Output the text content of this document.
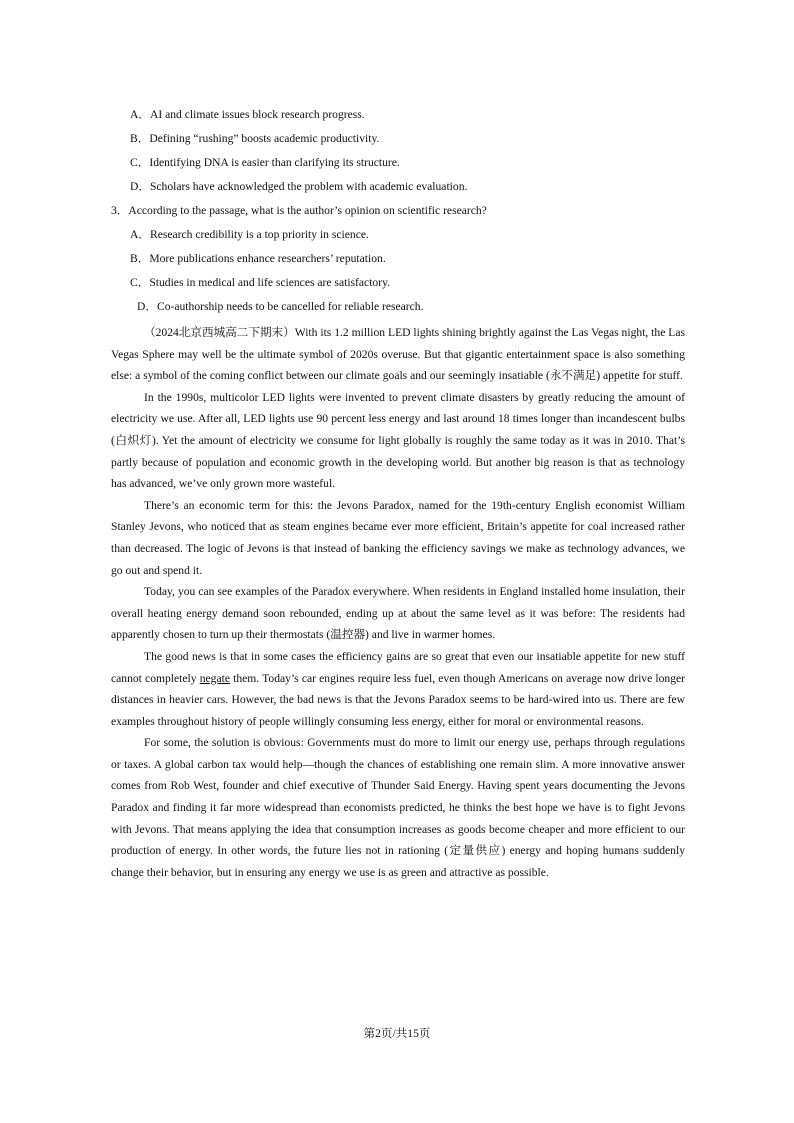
A．AI and climate issues block research progress.
B．Defining “rushing” boosts academic productivity.
C．Identifying DNA is easier than clarifying its structure.
D．Scholars have acknowledged the problem with academic evaluation.
3．According to the passage, what is the author’s opinion on scientific research?
A．Research credibility is a top priority in science.
B．More publications enhance researchers’ reputation.
C．Studies in medical and life sciences are satisfactory.
D．Co-authorship needs to be cancelled for reliable research.

（2024北京西城高二下期末）With its 1.2 million LED lights shining brightly against the Las Vegas night, the Las Vegas Sphere may well be the ultimate symbol of 2020s overuse. But that gigantic entertainment space is also something else: a symbol of the coming conflict between our climate goals and our seemingly insatiable (永不满足) appetite for stuff.

In the 1990s, multicolor LED lights were invented to prevent climate disasters by greatly reducing the amount of electricity we use. After all, LED lights use 90 percent less energy and last around 18 times longer than incandescent bulbs (白炽灯). Yet the amount of electricity we consume for light globally is roughly the same today as it was in 2010. That’s partly because of population and economic growth in the developing world. But another big reason is that as technology has advanced, we’ve only grown more wasteful.

There’s an economic term for this: the Jevons Paradox, named for the 19th-century English economist William Stanley Jevons, who noticed that as steam engines became ever more efficient, Britain’s appetite for coal increased rather than decreased. The logic of Jevons is that instead of banking the efficiency savings we make as technology advances, we go out and spend it.

Today, you can see examples of the Paradox everywhere. When residents in England installed home insulation, their overall heating energy demand soon rebounded, ending up at about the same level as it was before: The residents had apparently chosen to turn up their thermostats (温控器) and live in warmer homes.

The good news is that in some cases the efficiency gains are so great that even our insatiable appetite for new stuff cannot completely negate them. Today’s car engines require less fuel, even though Americans on average now drive longer distances in heavier cars. However, the bad news is that the Jevons Paradox seems to be hard-wired into us. There are few examples throughout history of people willingly consuming less energy, either for moral or environmental reasons.

For some, the solution is obvious: Governments must do more to limit our energy use, perhaps through regulations or taxes. A global carbon tax would help—though the chances of establishing one remain slim. A more innovative answer comes from Rob West, founder and chief executive of Thunder Said Energy. Having spent years documenting the Jevons Paradox and finding it far more widespread than economists predicted, he thinks the best hope we have is to fight Jevons with Jevons. That means applying the idea that consumption increases as goods become cheaper and more efficient to our production of energy. In other words, the future lies not in rationing (定量供应) energy and hoping humans suddenly change their behavior, but in ensuring any energy we use is as green and attractive as possible.

第2页/共15页
